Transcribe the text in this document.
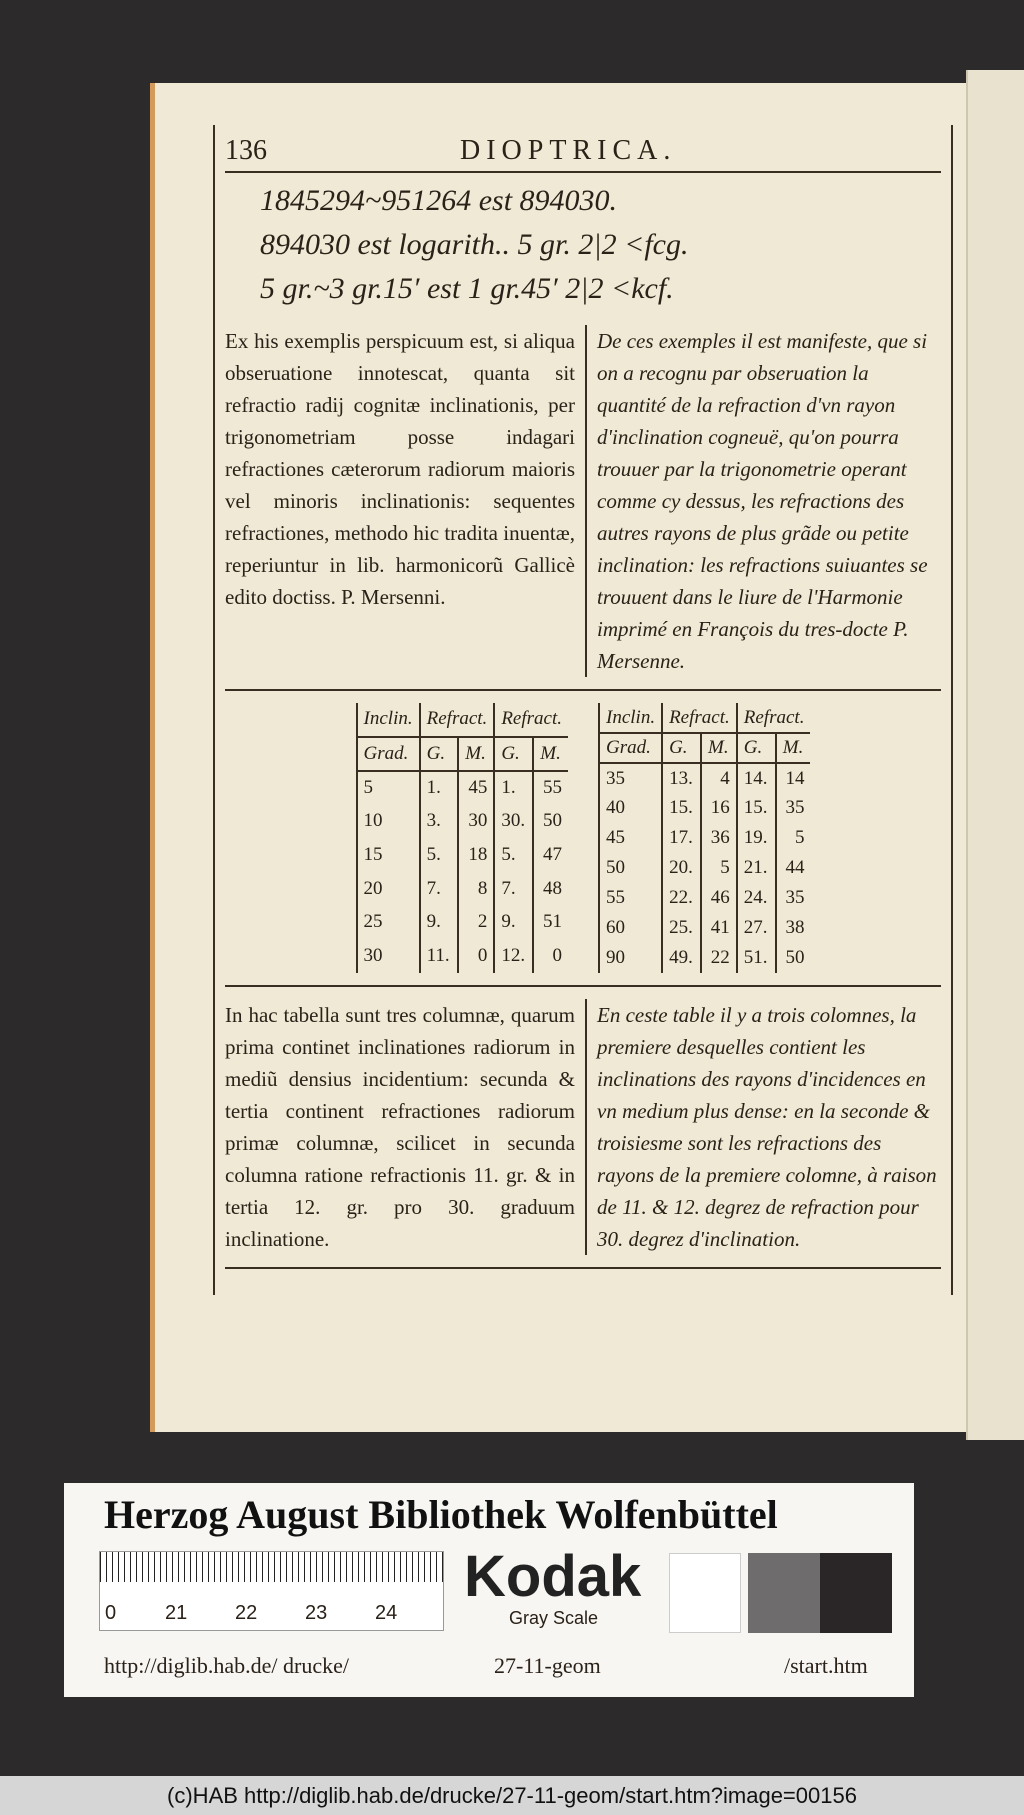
136	DIOPTRICA.
1845294~951264 est 894030.
894030 est logarith.. 5 gr. 2|2 <fcg.
5 gr.~3 gr.15′ est 1 gr.45′ 2|2 <kcf.
Ex his exemplis perspicuum est, si aliqua obseruatione innotescat, quanta sit refractio radij cognitæ inclinationis, per trigonometriam posse indagari refractiones cæterorum radiorum maioris vel minoris inclinationis: sequentes refractiones, methodo hic tradita inuentæ, reperiuntur in lib. harmonicorũ Gallicè edito doctiss. P. Mersenni.
De ces exemples il est manifeste, que si on a recognu par obseruation la quantité de la refraction d'vn rayon d'inclination cogneuë, qu'on pourra trouuer par la trigonometrie operant comme cy dessus, les refractions des autres rayons de plus grãde ou petite inclination: les refractions suiuantes se trouuent dans le liure de l'Harmonie imprimé en François du tres-docte P. Mersenne.
Inclin.	Refract.		Refract.	
Grad.	G.	M.	G.	M.
5	1.	45	1.	55
10	3.	30	30.	50
15	5.	18	5.	47
20	7.	8	7.	48
25	9.	2	9.	51
30	11.	0	12.	0
Inclin.	Refract.		Refract.	
Grad.	G.	M.	G.	M.
35	13.	4	14.	14
40	15.	16	15.	35
45	17.	36	19.	5
50	20.	5	21.	44
55	22.	46	24.	35
60	25.	41	27.	38
90	49.	22	51.	50
In hac tabella sunt tres columnæ, quarum prima continet inclinationes radiorum in mediũ densius incidentium: secunda & tertia continent refractiones radiorum primæ columnæ, scilicet in secunda columna ratione refractionis 11. gr. & in tertia 12. gr. pro 30. graduum inclinatione.
En ceste table il y a trois colomnes, la premiere desquelles contient les inclinations des rayons d'incidences en vn medium plus dense: en la seconde & troisiesme sont les refractions des rayons de la premiere colomne, à raison de 11. & 12. degrez de refraction pour 30. degrez d'inclination.
Herzog August Bibliothek Wolfenbüttel
0 21 22 23 24
Kodak
Gray Scale
http://diglib.hab.de/ drucke/	27-11-geom	/start.htm
(c)HAB http://diglib.hab.de/drucke/27-11-geom/start.htm?image=00156
